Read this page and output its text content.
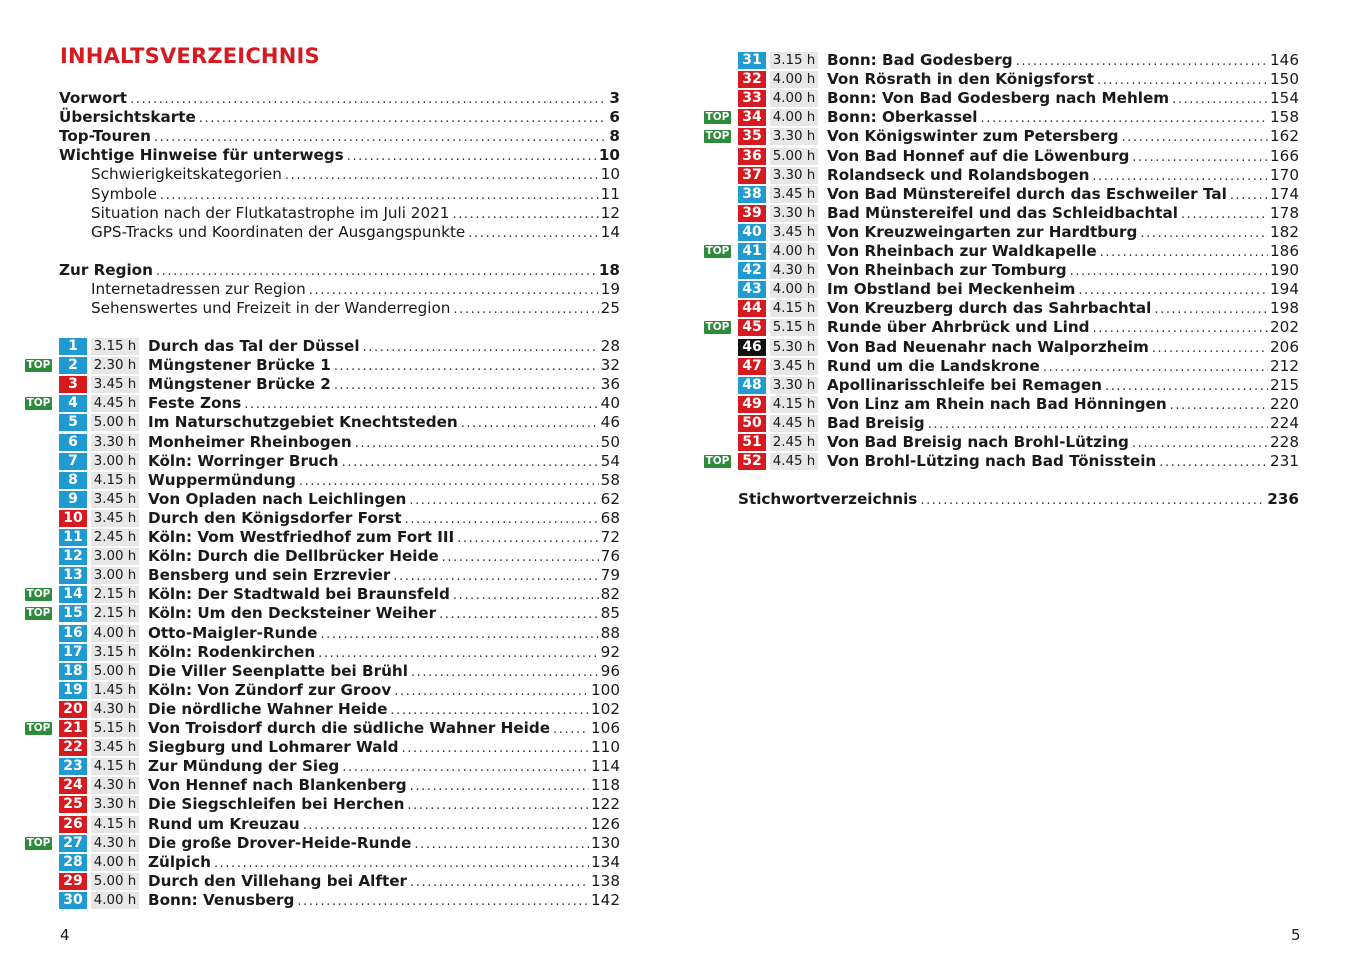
INHALTSVERZEICHNIS
Vorwort .....	3
Übersichtskarte .....	6
Top-Touren .....	8
Wichtige Hinweise für unterwegs .....	10
Schwierigkeitskategorien .....	10
Symbole .....	11
Situation nach der Flutkatastrophe im Juli 2021 .....	12
GPS-Tracks und Koordinaten der Ausgangspunkte .....	14
Zur Region .....	18
Internetadressen zur Region .....	19
Sehenswertes und Freizeit in der Wanderregion .....	25
1	3.15 h Durch das Tal der Düssel .....	28
TOP	2	2.30 h Müngstener Brücke 1 .....	32
3	3.45 h Müngstener Brücke 2 .....	36
TOP	4	4.45 h Feste Zons .....	40
5	5.00 h Im Naturschutzgebiet Knechtsteden .....	46
6	3.30 h Monheimer Rheinbogen .....	50
7	3.00 h Köln: Worringer Bruch .....	54
8	4.15 h Wuppermündung .....	58
9	3.45 h Von Opladen nach Leichlingen .....	62
10 3.45 h Durch den Königsdorfer Forst .....	68
11 2.45 h Köln: Vom Westfriedhof zum Fort III .....	72
12 3.00 h Köln: Durch die Dellbrücker Heide .....	76
13 3.00 h Bensberg und sein Erzrevier .....	79
TOP 14 2.15 h Köln: Der Stadtwald bei Braunsfeld .....	82
TOP 15 2.15 h Köln: Um den Decksteiner Weiher .....	85
16 4.00 h Otto-Maigler-Runde .....	88
17 3.15 h Köln: Rodenkirchen .....	92
18 5.00 h Die Viller Seenplatte bei Brühl .....	96
19 1.45 h Köln: Von Zündorf zur Groov .....	100
20 4.30 h Die nördliche Wahner Heide .....	102
TOP 21 5.15 h Von Troisdorf durch die südliche Wahner Heide .....	106
22 3.45 h Siegburg und Lohmarer Wald .....	110
23 4.15 h Zur Mündung der Sieg .....	114
24 4.30 h Von Hennef nach Blankenberg .....	118
25 3.30 h Die Siegschleifen bei Herchen .....	122
26 4.15 h Rund um Kreuzau .....	126
TOP 27 4.30 h Die große Drover-Heide-Runde .....	130
28 4.00 h Zülpich .....	134
29 5.00 h Durch den Villehang bei Alfter .....	138
30 4.00 h Bonn: Venusberg .....	142
4
31 3.15 h Bonn: Bad Godesberg .....	146
32 4.00 h Von Rösrath in den Königsforst .....	150
33 4.00 h Bonn: Von Bad Godesberg nach Mehlem .....	154
TOP 34 4.00 h Bonn: Oberkassel .....	158
TOP 35 3.30 h Von Königswinter zum Petersberg .....	162
36 5.00 h Von Bad Honnef auf die Löwenburg .....	166
37 3.30 h Rolandseck und Rolandsbogen .....	170
38 3.45 h Von Bad Münstereifel durch das Eschweiler Tal .....	174
39 3.30 h Bad Münstereifel und das Schleidbachtal .....	178
40 3.45 h Von Kreuzweingarten zur Hardtburg .....	182
TOP 41 4.00 h Von Rheinbach zur Waldkapelle .....	186
42 4.30 h Von Rheinbach zur Tomburg .....	190
43 4.00 h Im Obstland bei Meckenheim .....	194
44 4.15 h Von Kreuzberg durch das Sahrbachtal .....	198
TOP 45 5.15 h Runde über Ahrbrück und Lind .....	202
46 5.30 h Von Bad Neuenahr nach Walporzheim .....	206
47 3.45 h Rund um die Landskrone .....	212
48 3.30 h Apollinarisschleife bei Remagen .....	215
49 4.15 h Von Linz am Rhein nach Bad Hönningen .....	220
50 4.45 h Bad Breisig .....	224
51 2.45 h Von Bad Breisig nach Brohl-Lützing .....	228
TOP 52 4.45 h Von Brohl-Lützing nach Bad Tönisstein .....	231
Stichwortverzeichnis .....	236
5
